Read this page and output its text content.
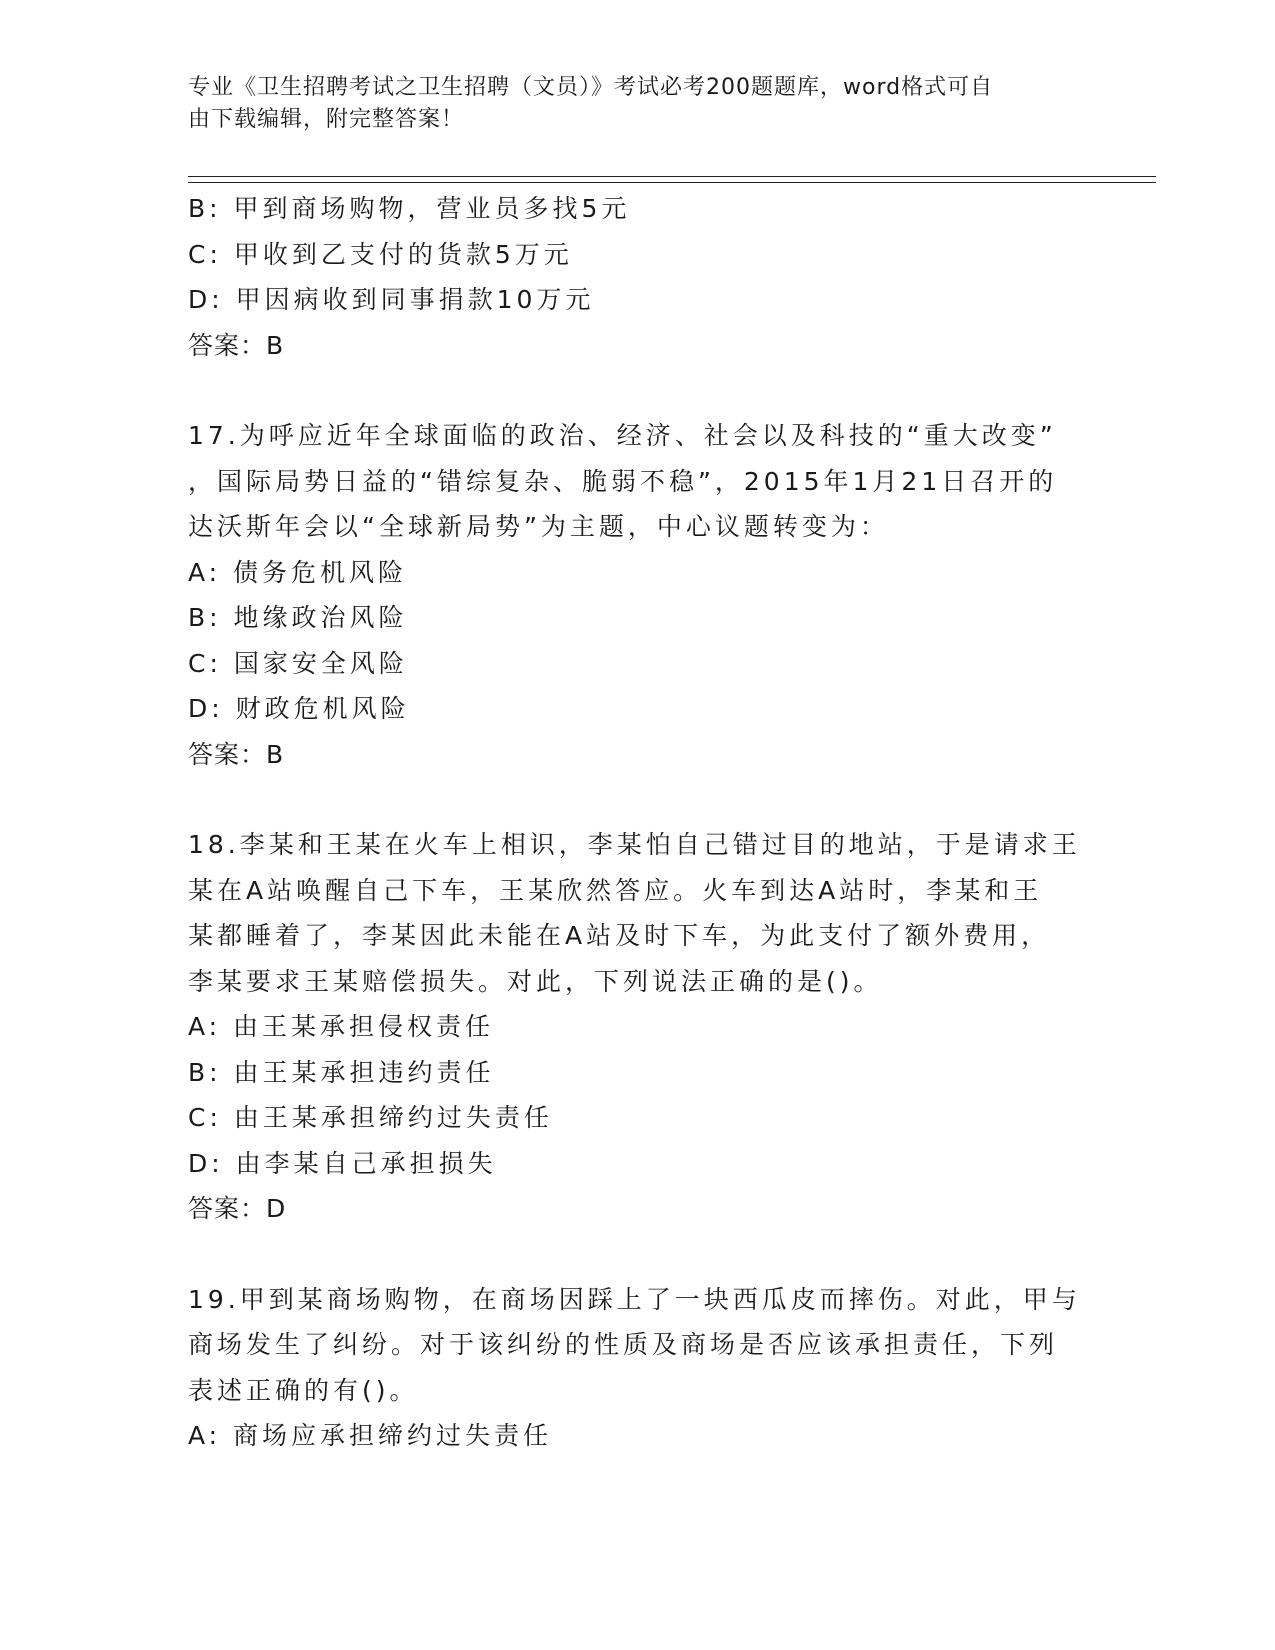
专业《卫生招聘考试之卫生招聘（文员）》考试必考200题题库，word格式可自
由下载编辑，附完整答案！
B: 甲到商场购物，营业员多找5元
C: 甲收到乙支付的货款5万元
D: 甲因病收到同事捐款10万元
答案：B
17.为呼应近年全球面临的政治、经济、社会以及科技的“重大改变”
，国际局势日益的“错综复杂、脆弱不稳”，2015年1月21日召开的
达沃斯年会以“全球新局势”为主题，中心议题转变为：
A: 债务危机风险
B: 地缘政治风险
C: 国家安全风险
D: 财政危机风险
答案：B
18.李某和王某在火车上相识，李某怕自己错过目的地站，于是请求王
某在A站唤醒自己下车，王某欣然答应。火车到达A站时，李某和王
某都睡着了，李某因此未能在A站及时下车，为此支付了额外费用，
李某要求王某赔偿损失。对此，下列说法正确的是()。
A: 由王某承担侵权责任
B: 由王某承担违约责任
C: 由王某承担缔约过失责任
D: 由李某自己承担损失
答案：D
19.甲到某商场购物，在商场因踩上了一块西瓜皮而摔伤。对此，甲与
商场发生了纠纷。对于该纠纷的性质及商场是否应该承担责任，下列
表述正确的有()。
A: 商场应承担缔约过失责任
